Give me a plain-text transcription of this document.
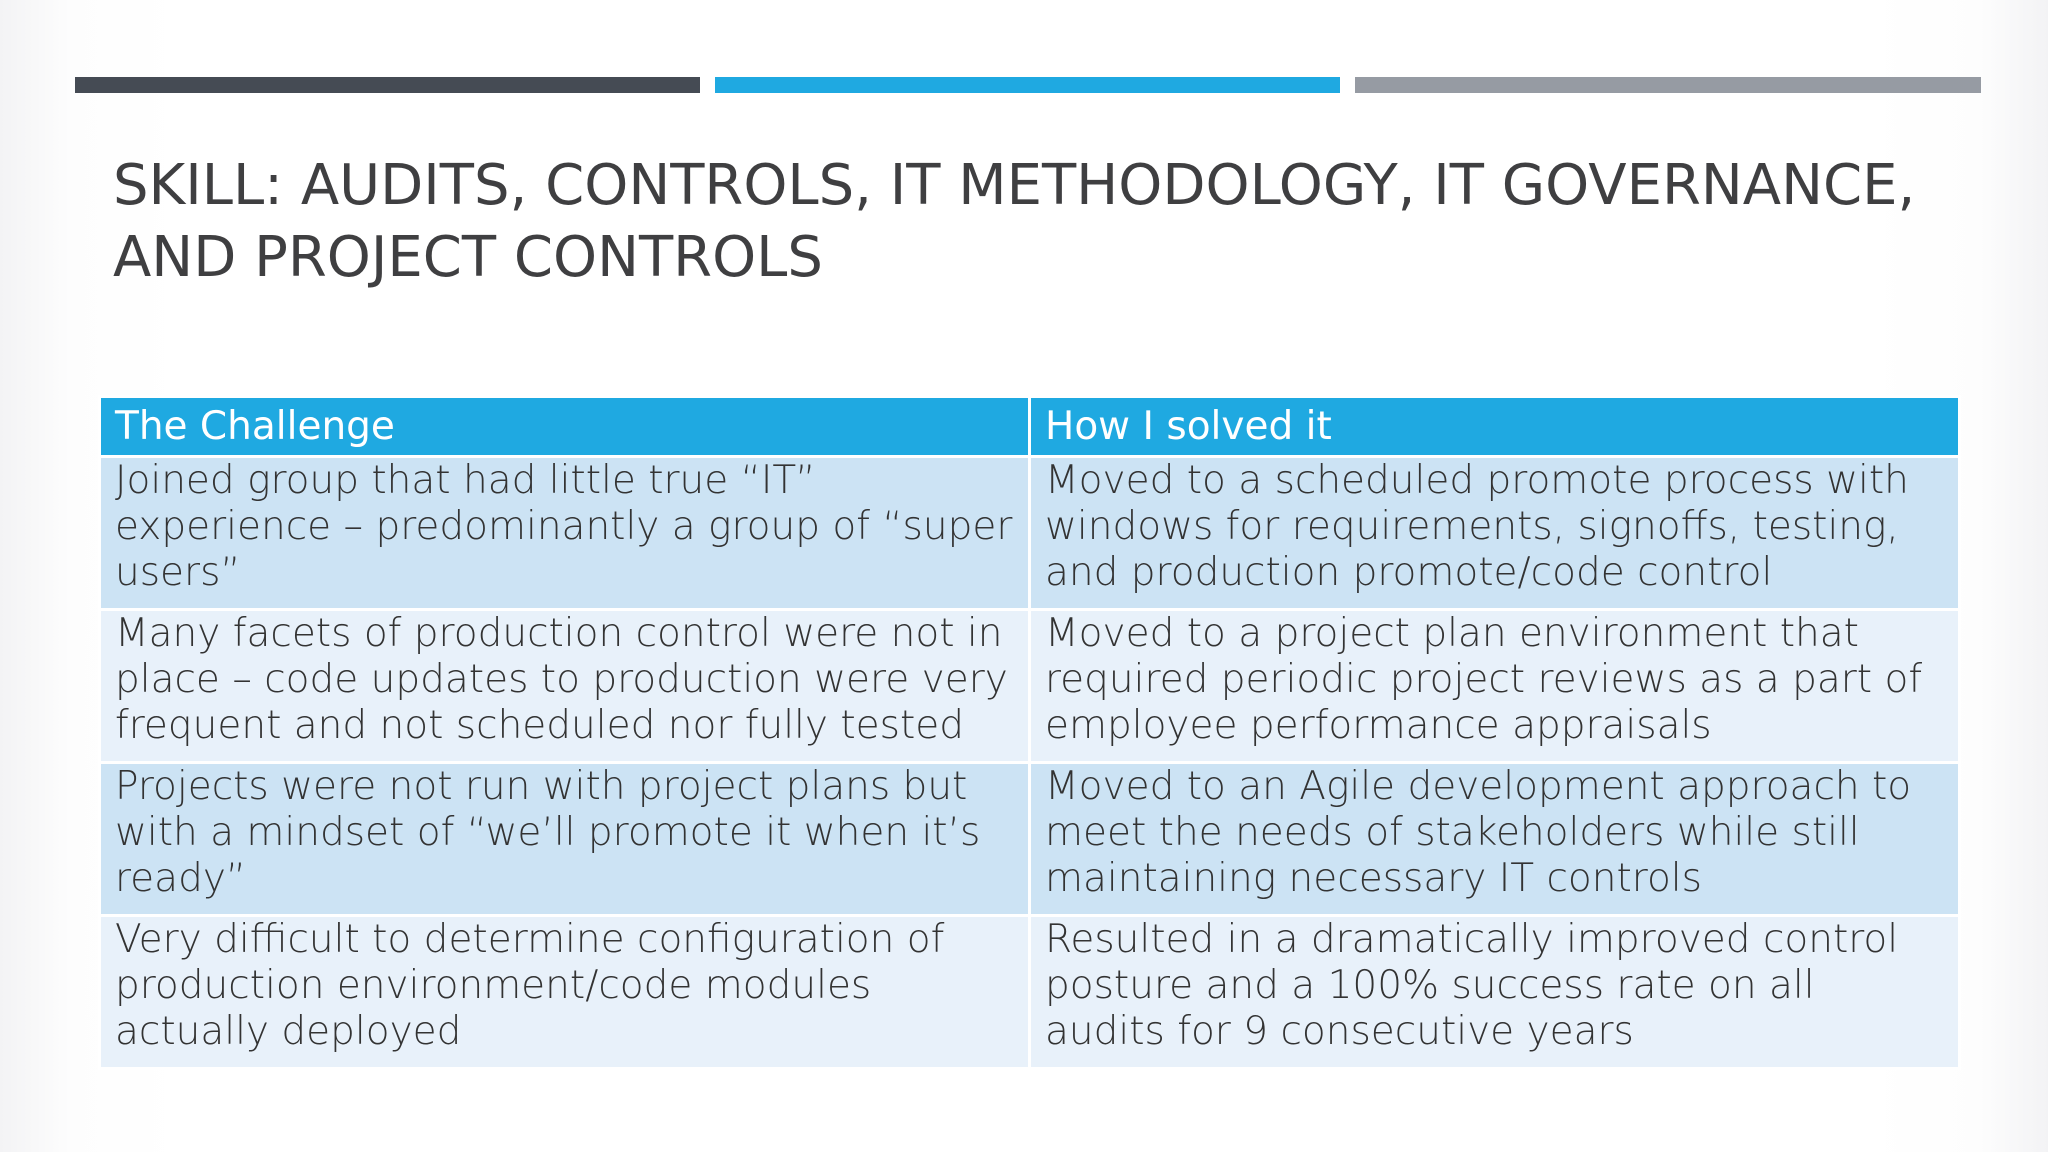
SKILL: AUDITS, CONTROLS, IT METHODOLOGY, IT GOVERNANCE, AND PROJECT CONTROLS
The Challenge	How I solved it
Joined group that had little true “IT” experience – predominantly a group of “super users”	Moved to a scheduled promote process with windows for requirements, signoffs, testing, and production promote/code control
Many facets of production control were not in place – code updates to production were very frequent and not scheduled nor fully tested	Moved to a project plan environment that required periodic project reviews as a part of employee performance appraisals
Projects were not run with project plans but with a mindset of “we’ll promote it when it’s ready”	Moved to an Agile development approach to meet the needs of stakeholders while still maintaining necessary IT controls
Very difficult to determine configuration of production environment/code modules actually deployed	Resulted in a dramatically improved control posture and a 100% success rate on all audits for 9 consecutive years
